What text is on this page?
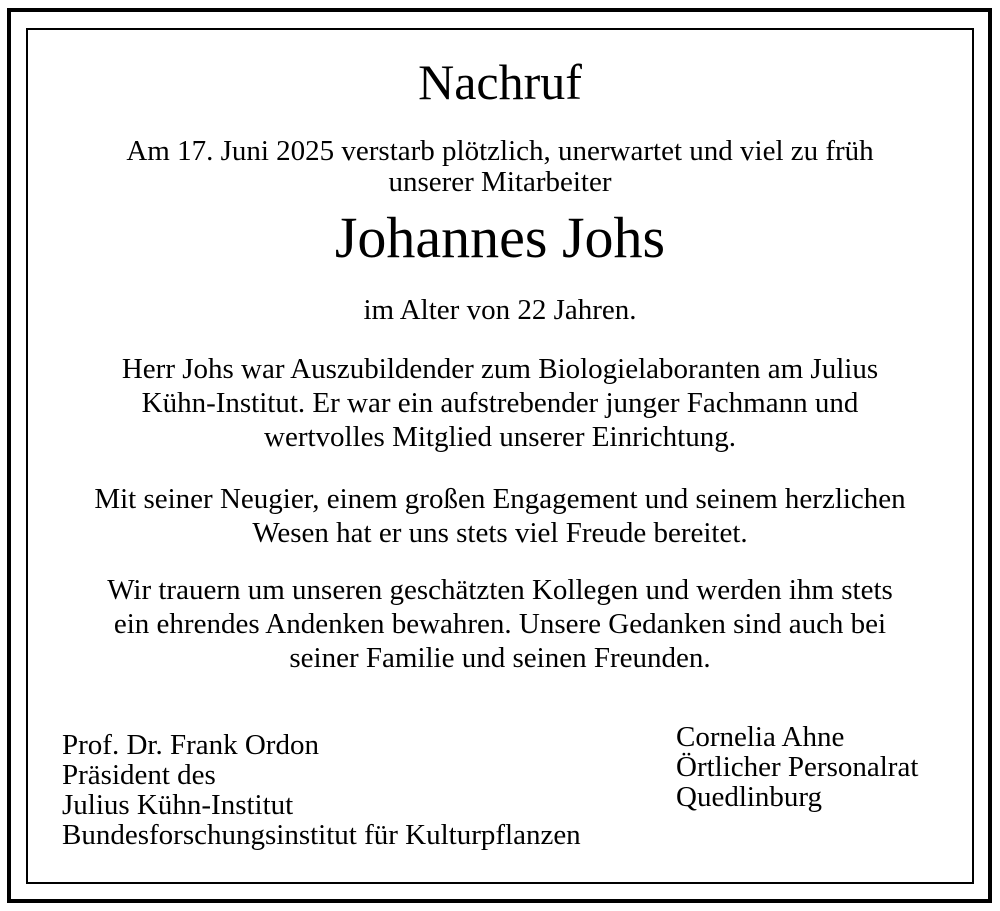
Nachruf
Am 17. Juni 2025 verstarb plötzlich, unerwartet und viel zu früh
unserer Mitarbeiter
Johannes Johs
im Alter von 22 Jahren.
Herr Johs war Auszubildender zum Biologielaboranten am Julius
Kühn-Institut. Er war ein aufstrebender junger Fachmann und
wertvolles Mitglied unserer Einrichtung.
Mit seiner Neugier, einem großen Engagement und seinem herzlichen
Wesen hat er uns stets viel Freude bereitet.
Wir trauern um unseren geschätzten Kollegen und werden ihm stets
ein ehrendes Andenken bewahren. Unsere Gedanken sind auch bei
seiner Familie und seinen Freunden.
Prof. Dr. Frank Ordon
Präsident des
Julius Kühn-Institut
Bundesforschungsinstitut für Kulturpflanzen
Cornelia Ahne
Örtlicher Personalrat
Quedlinburg
